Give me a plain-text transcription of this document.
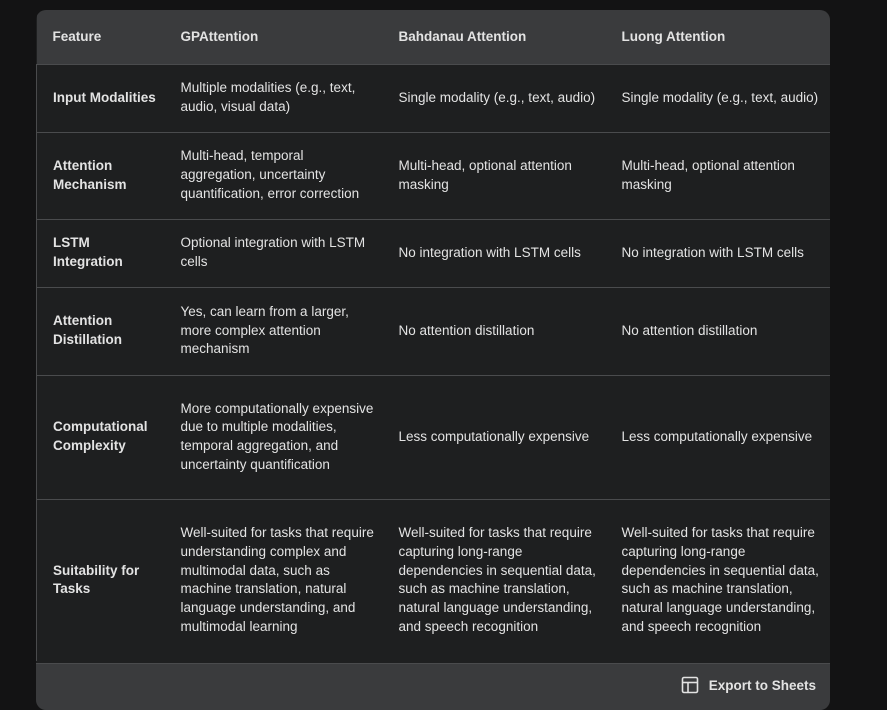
Feature	GPAttention	Bahdanau Attention	Luong Attention
Input Modalities	Multiple modalities (e.g., text, audio, visual data)	Single modality (e.g., text, audio)	Single modality (e.g., text, audio)
Attention Mechanism	Multi-head, temporal aggregation, uncertainty quantification, error correction	Multi-head, optional attention masking	Multi-head, optional attention masking
LSTM Integration	Optional integration with LSTM cells	No integration with LSTM cells	No integration with LSTM cells
Attention Distillation	Yes, can learn from a larger, more complex attention mechanism	No attention distillation	No attention distillation
Computational Complexity	More computationally expensive due to multiple modalities, temporal aggregation, and uncertainty quantification	Less computationally expensive	Less computationally expensive
Suitability for Tasks	Well-suited for tasks that require understanding complex and multimodal data, such as machine translation, natural language understanding, and multimodal learning	Well-suited for tasks that require capturing long-range dependencies in sequential data, such as machine translation, natural language understanding, and speech recognition	Well-suited for tasks that require capturing long-range dependencies in sequential data, such as machine translation, natural language understanding, and speech recognition
Export to Sheets
